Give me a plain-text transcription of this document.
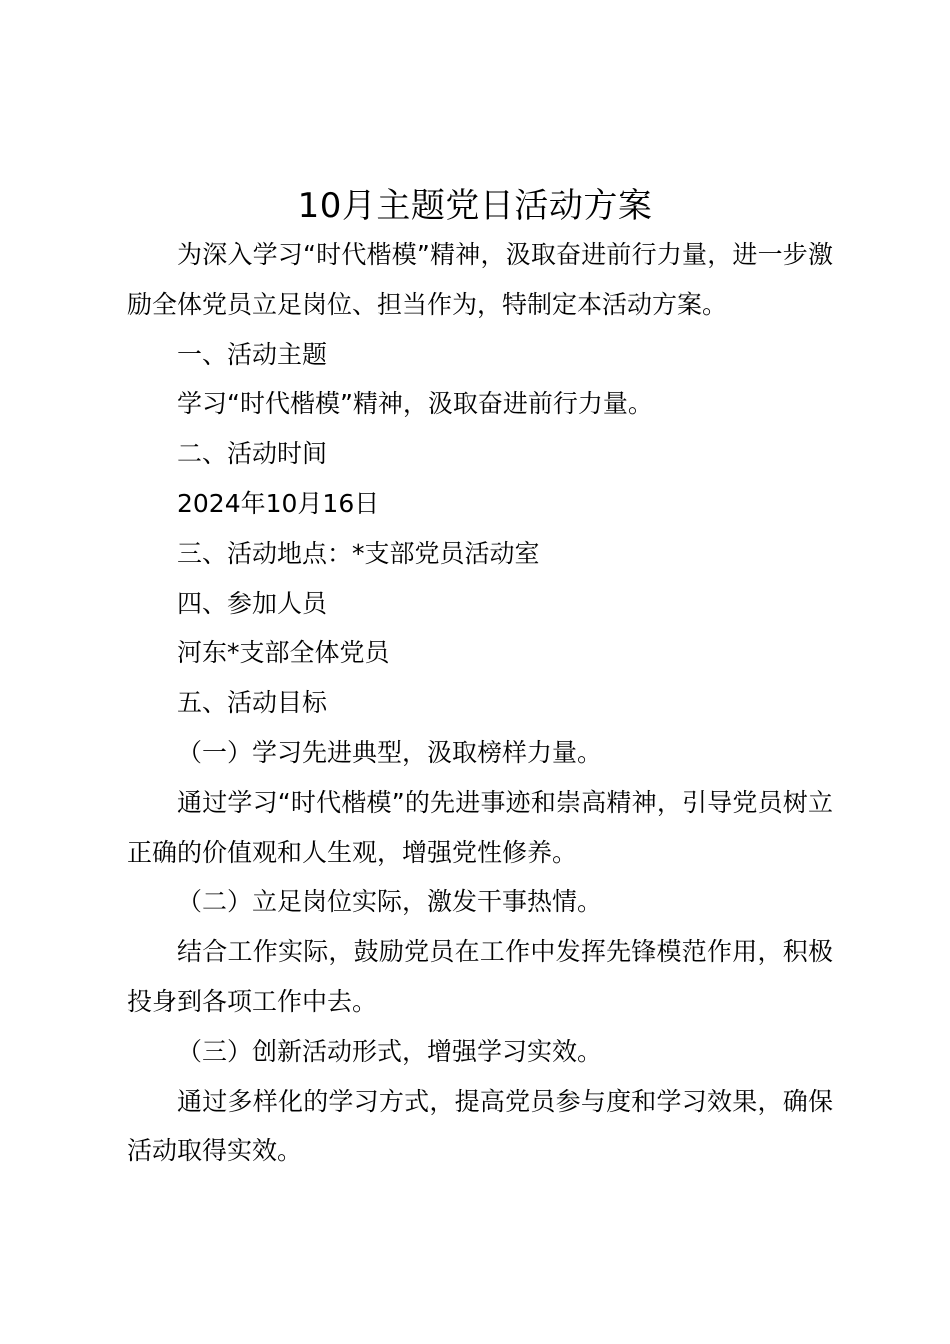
10月主题党日活动方案

为深入学习“时代楷模”精神，汲取奋进前行力量，进一步激励全体党员立足岗位、担当作为，特制定本活动方案。

一、活动主题

学习“时代楷模”精神，汲取奋进前行力量。

二、活动时间

2024年10月16日

三、活动地点：*支部党员活动室

四、参加人员

河东*支部全体党员

五、活动目标

（一）学习先进典型，汲取榜样力量。

通过学习“时代楷模”的先进事迹和崇高精神，引导党员树立正确的价值观和人生观，增强党性修养。

（二）立足岗位实际，激发干事热情。

结合工作实际，鼓励党员在工作中发挥先锋模范作用，积极投身到各项工作中去。

（三）创新活动形式，增强学习实效。

通过多样化的学习方式，提高党员参与度和学习效果，确保活动取得实效。
